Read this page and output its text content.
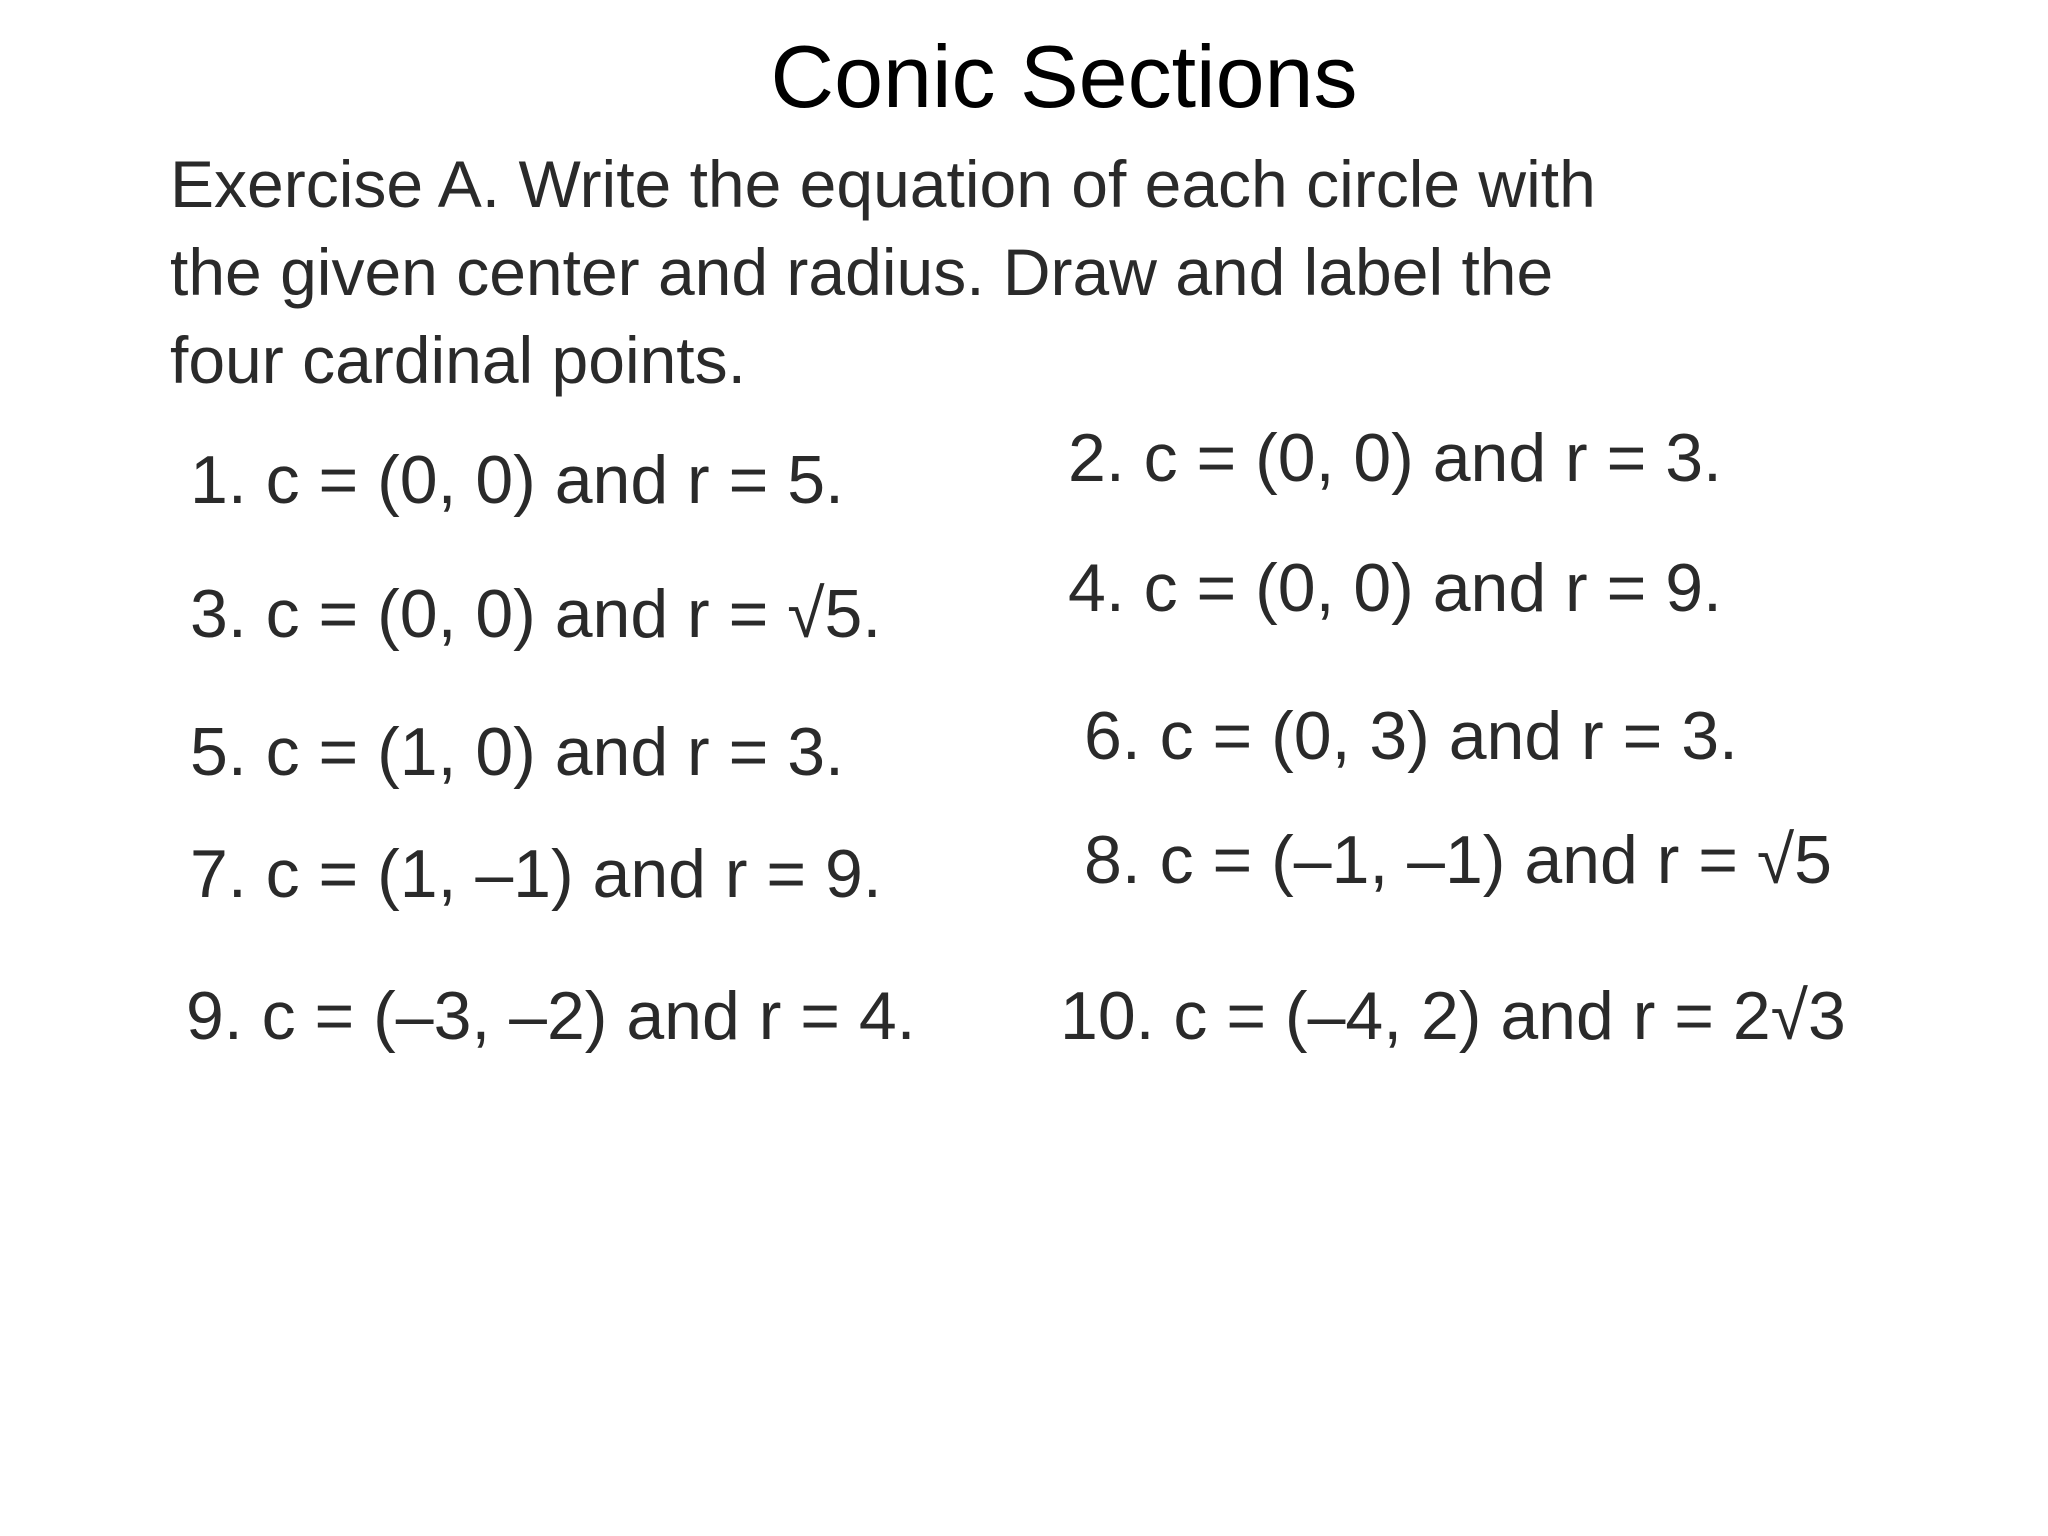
Conic Sections
Exercise A. Write the equation of each circle with
the given center and radius. Draw and label the
four cardinal points.
1. c = (0, 0) and r = 5.	2. c = (0, 0) and r = 3.
3. c = (0, 0) and r = √5.	4. c = (0, 0) and r = 9.
5. c = (1, 0) and r = 3.	6. c = (0, 3) and r = 3.
7. c = (1, –1) and r = 9.	8. c = (–1, –1) and r = √5
9. c = (–3, –2) and r = 4. 10. c = (–4, 2) and r = 2√3
